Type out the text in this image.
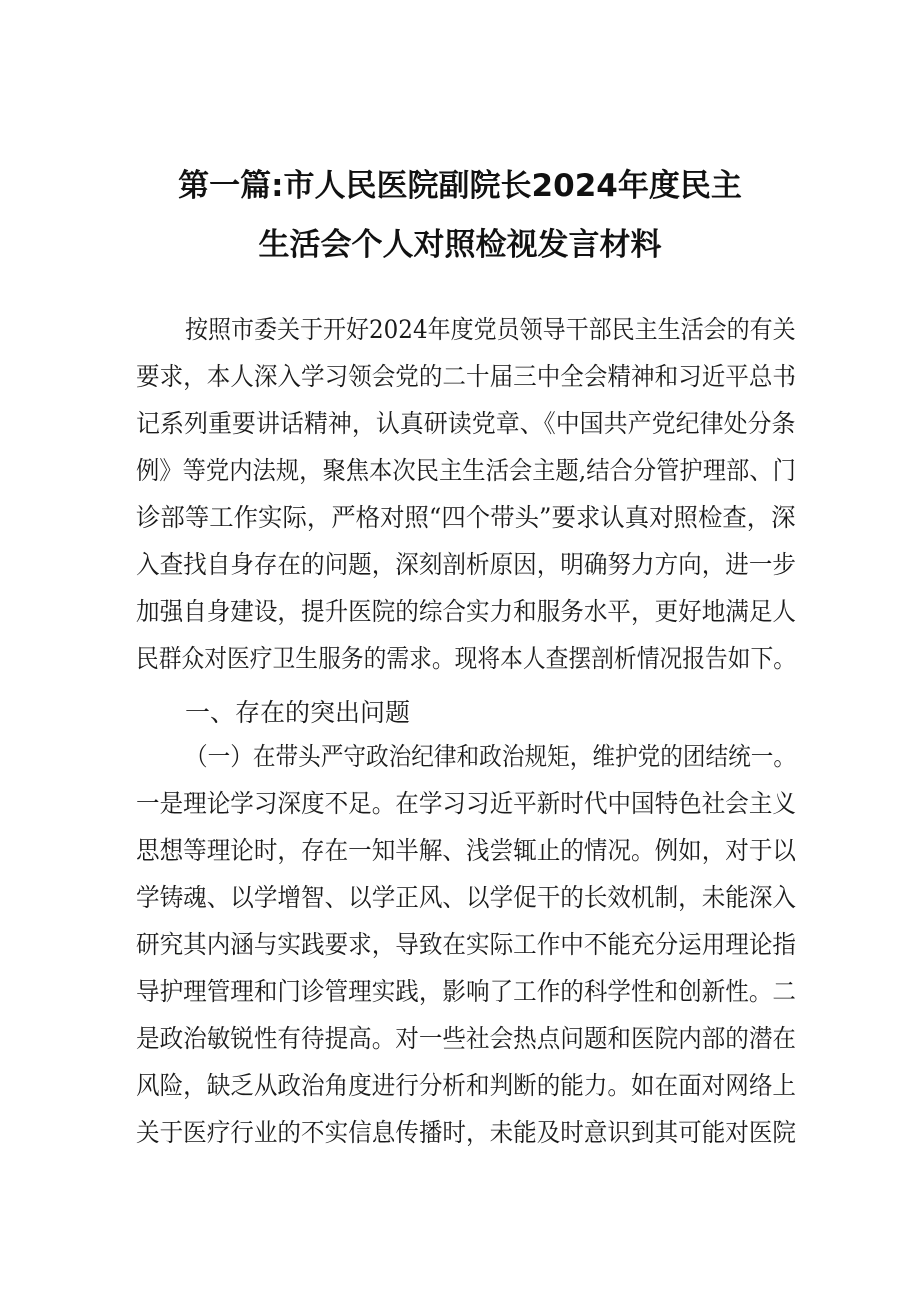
第一篇:市人民医院副院长2024年度民主
生活会个人对照检视发言材料
按照市委关于开好2024年度党员领导干部民主生活会的有关
要求，本人深入学习领会党的二十届三中全会精神和习近平总书
记系列重要讲话精神，认真研读党章、《中国共产党纪律处分条
例》等党内法规，聚焦本次民主生活会主题,结合分管护理部、门
诊部等工作实际，严格对照“四个带头”要求认真对照检查，深
入查找自身存在的问题，深刻剖析原因，明确努力方向，进一步
加强自身建设，提升医院的综合实力和服务水平，更好地满足人
民群众对医疗卫生服务的需求。现将本人查摆剖析情况报告如下。
一、存在的突出问题
（一）在带头严守政治纪律和政治规矩，维护党的团结统一。
一是理论学习深度不足。在学习习近平新时代中国特色社会主义
思想等理论时，存在一知半解、浅尝辄止的情况。例如，对于以
学铸魂、以学增智、以学正风、以学促干的长效机制，未能深入
研究其内涵与实践要求，导致在实际工作中不能充分运用理论指
导护理管理和门诊管理实践，影响了工作的科学性和创新性。二
是政治敏锐性有待提高。对一些社会热点问题和医院内部的潜在
风险，缺乏从政治角度进行分析和判断的能力。如在面对网络上
关于医疗行业的不实信息传播时，未能及时意识到其可能对医院
